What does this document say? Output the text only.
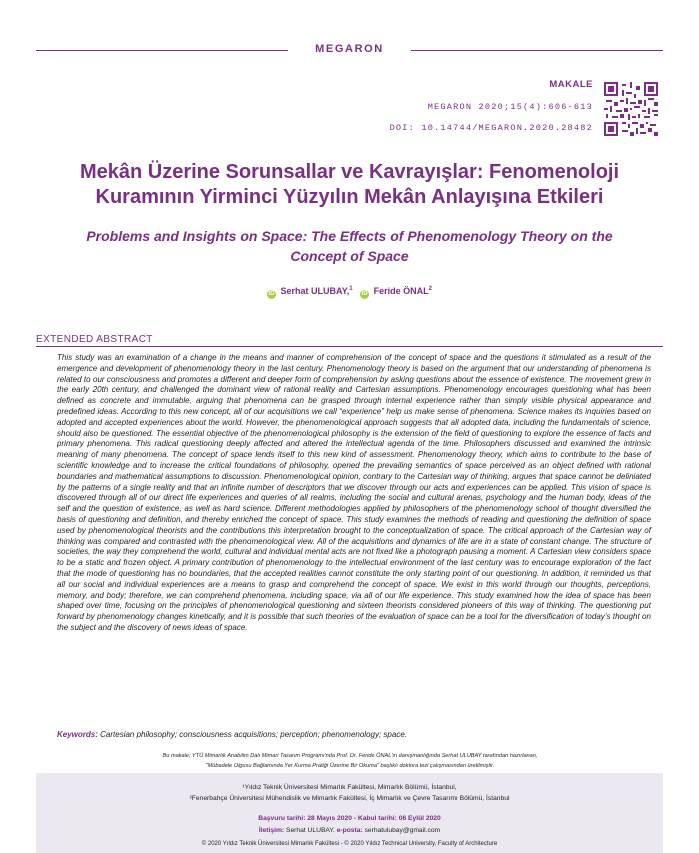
MEGARON
MAKALE
MEGARON 2020;15(4):606-613
DOI: 10.14744/MEGARON.2020.28482
Mekân Üzerine Sorunsallar ve Kavrayışlar: Fenomenoloji Kuramının Yirminci Yüzyılın Mekân Anlayışına Etkileri
Problems and Insights on Space: The Effects of Phenomenology Theory on the Concept of Space
iD Serhat ULUBAY,$^1$   iD Feride ÖNAL$^2$
EXTENDED ABSTRACT

This study was an examination of a change in the means and manner of comprehension of the concept of space and the questions it stimulated as a result of the emergence and development of phenomenology theory in the last century. Phenomenology theory is based on the argument that our understanding of phenomena is related to our consciousness and promotes a different and deeper form of comprehension by asking questions about the essence of existence. The movement grew in the early 20th century, and challenged the dominant view of rational reality and Cartesian assumptions. Phenomenology encourages questioning what has been defined as concrete and immutable, arguing that phenomena can be grasped through internal experience rather than simply visible physical appearance and predefined ideas. According to this new concept, all of our acquisitions we call “experience” help us make sense of phenomena. Science makes its inquiries based on adopted and accepted experiences about the world. However, the phenomenological approach suggests that all adopted data, including the fundamentals of science, should also be questioned. The essential objective of the phenomenological philosophy is the extension of the field of questioning to explore the essence of facts and primary phenomena. This radical questioning deeply affected and altered the intellectual agenda of the time. Philosophers discussed and examined the intrinsic meaning of many phenomena. The concept of space lends itself to this new kind of assessment. Phenomenology theory, which aims to contribute to the base of scientific knowledge and to increase the critical foundations of philosophy, opened the prevailing semantics of space perceived as an object defined with rational boundaries and mathematical assumptions to discussion. Phenomenological opinion, contrary to the Cartesian way of thinking, argues that space cannot be deliniated by the patterns of a single reality and that an infinite number of descriptors that we discover through our acts and experiences can be applied. This vision of space is discovered through all of our direct life experiences and queries of all realms, including the social and cultural arenas, psychology and the human body, ideas of the self and the question of existence, as well as hard science. Different methodologies applied by philosophers of the phenomenology school of thought diversified the basis of questioning and definition, and thereby enriched the concept of space. This study examines the methods of reading and questioning the definition of space used by phenomenological theorists and the contributions this interpretation brought to the conceptualization of space. The critical approach of the Cartesian way of thinking was compared and contrasted with the phenomenological view. All of the acquisitions and dynamics of life are in a state of constant change. The structure of societies, the way they comprehend the world, cultural and individual mental acts are not fixed like a photograph pausing a moment. A Cartesian view considers space to be a static and frozen object. A primary contribution of phenomenology to the intellectual environment of the last century was to encourage exploration of the fact that the mode of questioning has no boundaries, that the accepted realities cannot constitute the only starting point of our questioning. In addition, it reminded us that all our social and individual experiences are a means to grasp and comprehend the concept of space. We exist in this world through our thoughts, perceptions, memory, and body; therefore, we can comprehend phenomena, including space, via all of our life experience. This study examined how the idea of space has been shaped over time, focusing on the principles of phenomenological questioning and sixteen theorists considered pioneers of this way of thinking. The questioning put forward by phenomenology changes kinetically, and it is possible that such theories of the evaluation of space can be a tool for the diversification of today’s thought on the subject and the discovery of news ideas of space.

Keywords: Cartesian philosophy; consciousness acquisitions; perception; phenomenology; space.
Bu makale; YTÜ Mimarlık Anabilim Dalı Mimari Tasarım Programı'nda Prof. Dr. Feride ÖNAL'ın danışmanlığında Serhat ULUBAY tarafından hazırlanan,
"Mübadele Olgusu Bağlamında Yer Kurma Pratiği Üzerine Bir Okuma" başlıklı doktora tezi çalışmasından üretilmiştir.
¹Yıldız Teknik Üniversitesi Mimarlık Fakültesi, Mimarlık Bölümü, İstanbul,
²Fenerbahçe Üniversitesi Mühendislik ve Mimarlık Fakültesi, İç Mimarlık ve Çevre Tasarımı Bölümü, İstanbul
Başvuru tarihi: 28 Mayıs 2020 - Kabul tarihi: 06 Eylül 2020
İletişim: Serhat ULUBAY. e-posta: serhatulubay@gmail.com
© 2020 Yıldız Teknik Üniversitesi Mimarlık Fakültesi - © 2020 Yıldız Technical University, Faculty of Architecture
